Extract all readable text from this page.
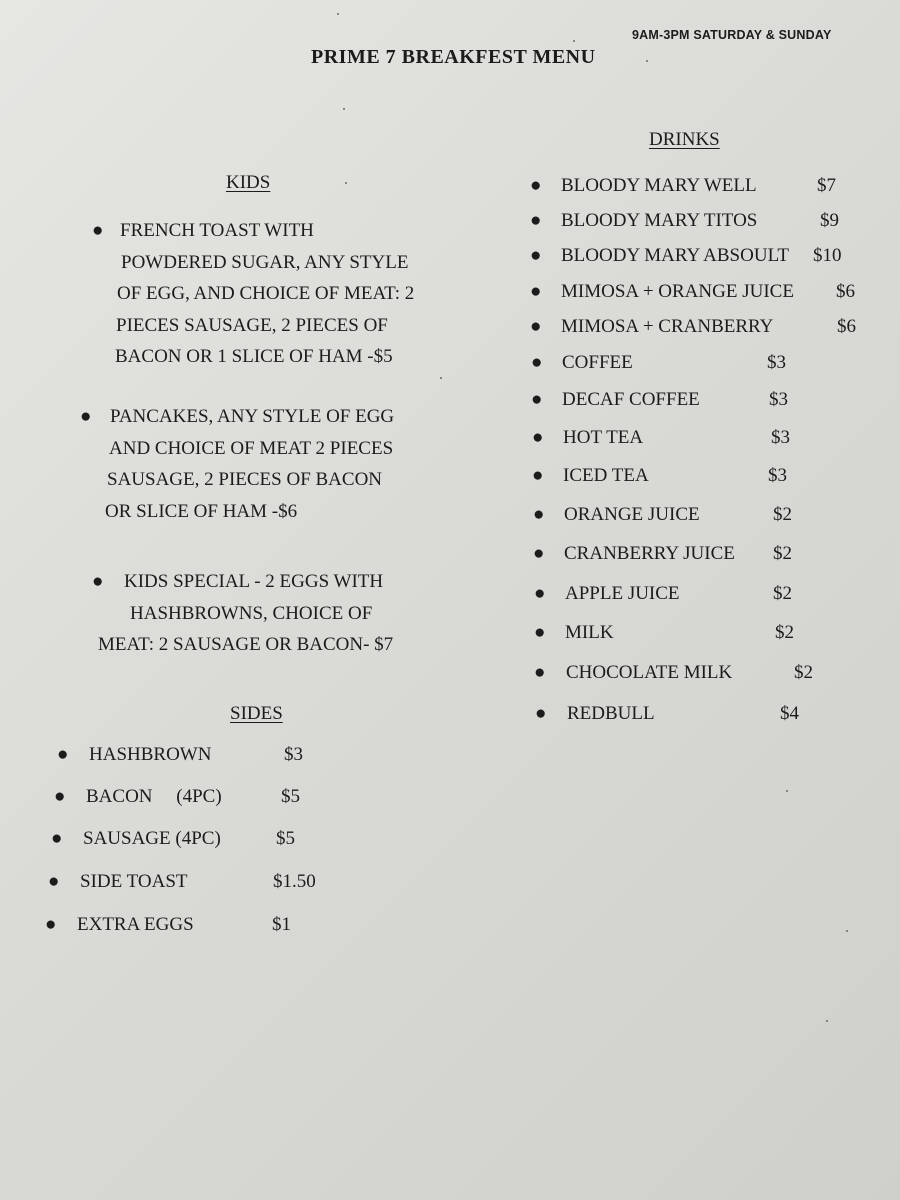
9AM-3PM SATURDAY & SUNDAY
PRIME 7 BREAKFEST MENU
KIDS
● FRENCH TOAST WITH
POWDERED SUGAR, ANY STYLE
OF EGG, AND CHOICE OF MEAT: 2
PIECES SAUSAGE, 2 PIECES OF
BACON OR 1 SLICE OF HAM -$5
● PANCAKES, ANY STYLE OF EGG
AND CHOICE OF MEAT 2 PIECES
SAUSAGE, 2 PIECES OF BACON
OR SLICE OF HAM -$6
● KIDS SPECIAL - 2 EGGS WITH
HASHBROWNS, CHOICE OF
MEAT: 2 SAUSAGE OR BACON- $7
SIDES
● HASHBROWN	$3
● BACON     (4PC)	$5
● SAUSAGE (4PC)	$5
● SIDE TOAST	$1.50
● EXTRA EGGS	$1
DRINKS
● BLOODY MARY WELL	$7
● BLOODY MARY TITOS	$9
● BLOODY MARY ABSOULT $10
● MIMOSA + ORANGE JUICE $6
● MIMOSA + CRANBERRY	$6
● COFFEE	$3
● DECAF COFFEE	$3
● HOT TEA	$3
● ICED TEA	$3
● ORANGE JUICE	$2
● CRANBERRY JUICE $2
● APPLE JUICE	$2
● MILK	$2
● CHOCOLATE MILK	$2
● REDBULL	$4
